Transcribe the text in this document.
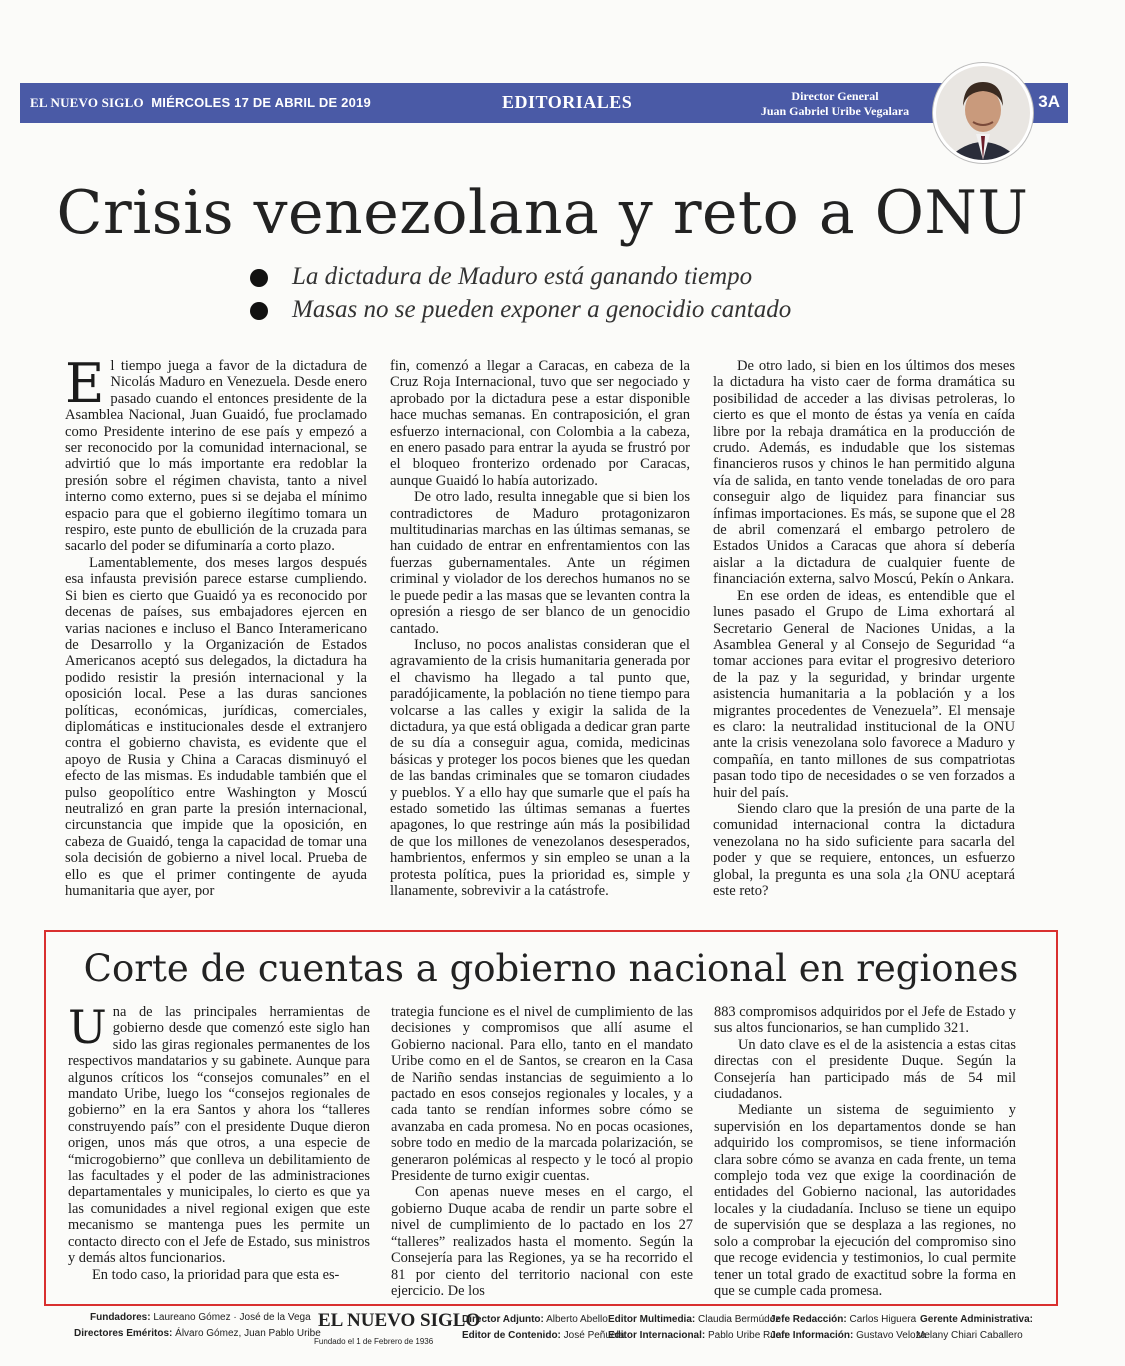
EL NUEVO SIGLO MIÉRCOLES 17 DE ABRIL DE 2019	EDITORIALES	Director General
Juan Gabriel Uribe Vegalara	3A
Crisis venezolana y reto a ONU
La dictadura de Maduro está ganando tiempo
Masas no se pueden exponer a genocidio cantado

El tiempo juega a favor de la dictadura de Nicolás Maduro en Venezuela. Desde enero pasado cuando el entonces presidente de la Asamblea Nacional, Juan Guaidó, fue proclamado como Presidente interino de ese país y empezó a ser reconocido por la comunidad internacional, se advirtió que lo más importante era redoblar la presión sobre el régimen chavista, tanto a nivel interno como externo, pues si se dejaba el mínimo espacio para que el gobierno ilegítimo tomara un respiro, este punto de ebullición de la cruzada para sacarlo del poder se difuminaría a corto plazo.

Lamentablemente, dos meses largos después esa infausta previsión parece estarse cumpliendo. Si bien es cierto que Guaidó ya es reconocido por decenas de países, sus embajadores ejercen en varias naciones e incluso el Banco Interamericano de Desarrollo y la Organización de Estados Americanos aceptó sus delegados, la dictadura ha podido resistir la presión internacional y la oposición local. Pese a las duras sanciones políticas, económicas, jurídicas, comerciales, diplomáticas e institucionales desde el extranjero contra el gobierno chavista, es evidente que el apoyo de Rusia y China a Caracas disminuyó el efecto de las mismas. Es indudable también que el pulso geopolítico entre Washington y Moscú neutralizó en gran parte la presión internacional, circunstancia que impide que la oposición, en cabeza de Guaidó, tenga la capacidad de tomar una sola decisión de gobierno a nivel local. Prueba de ello es que el primer contingente de ayuda humanitaria que ayer, por

fin, comenzó a llegar a Caracas, en cabeza de la Cruz Roja Internacional, tuvo que ser negociado y aprobado por la dictadura pese a estar disponible hace muchas semanas. En contraposición, el gran esfuerzo internacional, con Colombia a la cabeza, en enero pasado para entrar la ayuda se frustró por el bloqueo fronterizo ordenado por Caracas, aunque Guaidó lo había autorizado.

De otro lado, resulta innegable que si bien los contradictores de Maduro protagonizaron multitudinarias marchas en las últimas semanas, se han cuidado de entrar en enfrentamientos con las fuerzas gubernamentales. Ante un régimen criminal y violador de los derechos humanos no se le puede pedir a las masas que se levanten contra la opresión a riesgo de ser blanco de un genocidio cantado.

Incluso, no pocos analistas consideran que el agravamiento de la crisis humanitaria generada por el chavismo ha llegado a tal punto que, paradójicamente, la población no tiene tiempo para volcarse a las calles y exigir la salida de la dictadura, ya que está obligada a dedicar gran parte de su día a conseguir agua, comida, medicinas básicas y proteger los pocos bienes que les quedan de las bandas criminales que se tomaron ciudades y pueblos. Y a ello hay que sumarle que el país ha estado sometido las últimas semanas a fuertes apagones, lo que restringe aún más la posibilidad de que los millones de venezolanos desesperados, hambrientos, enfermos y sin empleo se unan a la protesta política, pues la prioridad es, simple y llanamente, sobrevivir a la catástrofe.

De otro lado, si bien en los últimos dos meses la dictadura ha visto caer de forma dramática su posibilidad de acceder a las divisas petroleras, lo cierto es que el monto de éstas ya venía en caída libre por la rebaja dramática en la producción de crudo. Además, es indudable que los sistemas financieros rusos y chinos le han permitido alguna vía de salida, en tanto vende toneladas de oro para conseguir algo de liquidez para financiar sus ínfimas importaciones. Es más, se supone que el 28 de abril comenzará el embargo petrolero de Estados Unidos a Caracas que ahora sí debería aislar a la dictadura de cualquier fuente de financiación externa, salvo Moscú, Pekín o Ankara.

En ese orden de ideas, es entendible que el lunes pasado el Grupo de Lima exhortará al Secretario General de Naciones Unidas, a la Asamblea General y al Consejo de Seguridad “a tomar acciones para evitar el progresivo deterioro de la paz y la seguridad, y brindar urgente asistencia humanitaria a la población y a los migrantes procedentes de Venezuela”. El mensaje es claro: la neutralidad institucional de la ONU ante la crisis venezolana solo favorece a Maduro y compañía, en tanto millones de sus compatriotas pasan todo tipo de necesidades o se ven forzados a huir del país.

Siendo claro que la presión de una parte de la comunidad internacional contra la dictadura venezolana no ha sido suficiente para sacarla del poder y que se requiere, entonces, un esfuerzo global, la pregunta es una sola ¿la ONU aceptará este reto?

Corte de cuentas a gobierno nacional en regiones

Una de las principales herramientas de gobierno desde que comenzó este siglo han sido las giras regionales permanentes de los respectivos mandatarios y su gabinete. Aunque para algunos críticos los “consejos comunales” en el mandato Uribe, luego los “consejos regionales de gobierno” en la era Santos y ahora los “talleres construyendo país” con el presidente Duque dieron origen, unos más que otros, a una especie de “microgobierno” que conlleva un debilitamiento de las facultades y el poder de las administraciones departamentales y municipales, lo cierto es que ya las comunidades a nivel regional exigen que este mecanismo se mantenga pues les permite un contacto directo con el Jefe de Estado, sus ministros y demás altos funcionarios.

En todo caso, la prioridad para que esta es-

trategia funcione es el nivel de cumplimiento de las decisiones y compromisos que allí asume el Gobierno nacional. Para ello, tanto en el mandato Uribe como en el de Santos, se crearon en la Casa de Nariño sendas instancias de seguimiento a lo pactado en esos consejos regionales y locales, y a cada tanto se rendían informes sobre cómo se avanzaba en cada promesa. No en pocas ocasiones, sobre todo en medio de la marcada polarización, se generaron polémicas al respecto y le tocó al propio Presidente de turno exigir cuentas.

Con apenas nueve meses en el cargo, el gobierno Duque acaba de rendir un parte sobre el nivel de cumplimiento de lo pactado en los 27 “talleres” realizados hasta el momento. Según la Consejería para las Regiones, ya se ha recorrido el 81 por ciento del territorio nacional con este ejercicio. De los

883 compromisos adquiridos por el Jefe de Estado y sus altos funcionarios, se han cumplido 321.

Un dato clave es el de la asistencia a estas citas directas con el presidente Duque. Según la Consejería han participado más de 54 mil ciudadanos.

Mediante un sistema de seguimiento y supervisión en los departamentos donde se han adquirido los compromisos, se tiene información clara sobre cómo se avanza en cada frente, un tema complejo toda vez que exige la coordinación de entidades del Gobierno nacional, las autoridades locales y la ciudadanía. Incluso se tiene un equipo de supervisión que se desplaza a las regiones, no solo a comprobar la ejecución del compromiso sino que recoge evidencia y testimonios, lo cual permite tener un total grado de exactitud sobre la forma en que se cumple cada promesa.

Fundadores: Laureano Gómez · José de la Vega
Directores Eméritos: Álvaro Gómez, Juan Pablo Uribe
EL NUEVO SIGLO
Fundado el 1 de Febrero de 1936
Director Adjunto: Alberto Abello
Editor de Contenido: José Peñuela
Editor Multimedia: Claudia Bermúdez
Editor Internacional: Pablo Uribe Ruan
Jefe Redacción: Carlos Higuera
Jefe Información: Gustavo Veloza
Gerente Administrativa:
Melany Chiari Caballero
